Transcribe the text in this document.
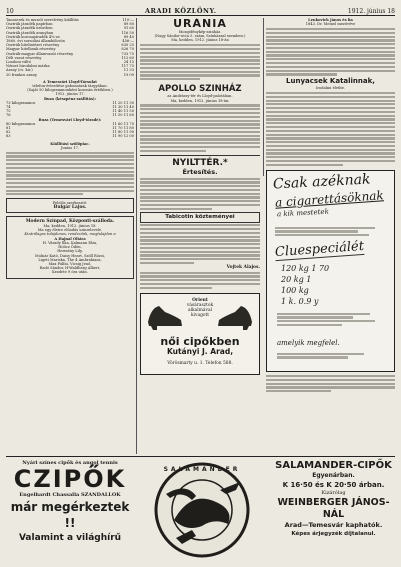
10	ARADI KÖZLÖNY.	1912. június 18
Tanszerek és muzeli szerelvény kiállítás	110-—
Osztrák járadék papírban	89 80
Osztrák járadék ezüstben	91 60
Osztrák járadék aranyban	116 50
Osztrák koronajáradék 4%-os	89 40
1860. évi sorsolási államkölcsön	456-—
Osztrák hitelintézet részvény	630 25
Magyar hitelbank részvény	826 70
Osztrák-magyar államvasút részvény	733 75
Déli vasut részvény	112 60
Londoni váltó	24 15
Német birodalmi márka	117 75
Arany (cs. kir.)	11 33
20 frankos arany	19 09
A Temesvári Lloyd-Társulat
telefon-értesítése gabonaárak tárgyában.
(Saját 50 kilogrammonként koronás értékben.)
1912. június 17.
Buza (készpénz szállítás):
73 kilogrammos	11 20 11 30
74	11 30 11 40
75	11 40 11 50
76	11 50 11 60
Buza (Temesvári Lloyd-tőzsde):
80 kilogrammos	11 60 11 70
81	11 70 11 80
82	11 80 11 90
83	11 90 12 00
Kiállítási szőlőpiac.
Junius 17.
Felelős szerkesztő:
Bulgár Lajos.
Modern Színpad, Központi-szálloda.
Ma, kedden, 1912. június 18.
Ma egy életre előadás szinrelevele.
Kizárólagos tulajdonos, rendezőnk, megtulajdon a
A Hajnal Oltára
H. Várady Ilka, Kalmann Elza,
Holicz Ödön.
Hermény Lily,
Molnár Kató, Daisy Heart, Szőll Rózsi,
Ligeti Mariska, The 4 Ambrabians,
Max Pálfai, Vicsig Jenő,
Radó Sándor, H-Waldherg Albert,
Kezdete 9 óra után.
URÁNIA
Mozgófénykép-szinház.
(Nagy Sándor-utca 5. szám, Színházzal szemben.)
Ma, kedden, 1912. június 18-án
APOLLO SZINHÁZ
az Andrássy-tér és Lloyd-palotában.
Ma, kedden, 1912. június 18-án:
NYILTTÉR.*
Értesítés.
Tabicotin közteményei
Vojtek Alajos.
Orient
vásárasztok
alkalmával
kivagott
női cipőkben
Kutányi J. Arad,
Vörösmarty u. 1. Telefon 588.
Lenkovich János és fia
1843. Dr. Meinel mezővéve
Lunyacsek Katalinnak,
Irodalmi életbe.
Csak azéknak
a cigarettásöknak
a kik mestetek
Cluespeciálét
120 kg 1 70
20 kg 1
100 kg
1 k. 0.9 y
amelyik megfelel.
Nyári színes cipők és angol tennis
CZIPŐK
Engelhardt Chassalla SZANDALLOK
már megérkeztek !!
Valamint a világhírű
SALAMANDER	SALAMANDER-CIPŐK
Egyenárban.
K 16·50 és K 20·50 árban.
Kizárólag
WEINBERGER JÁNOS-NÁL
Arad—Temesvár kaphatók.
Képes árjegyzék díjtalanul.
